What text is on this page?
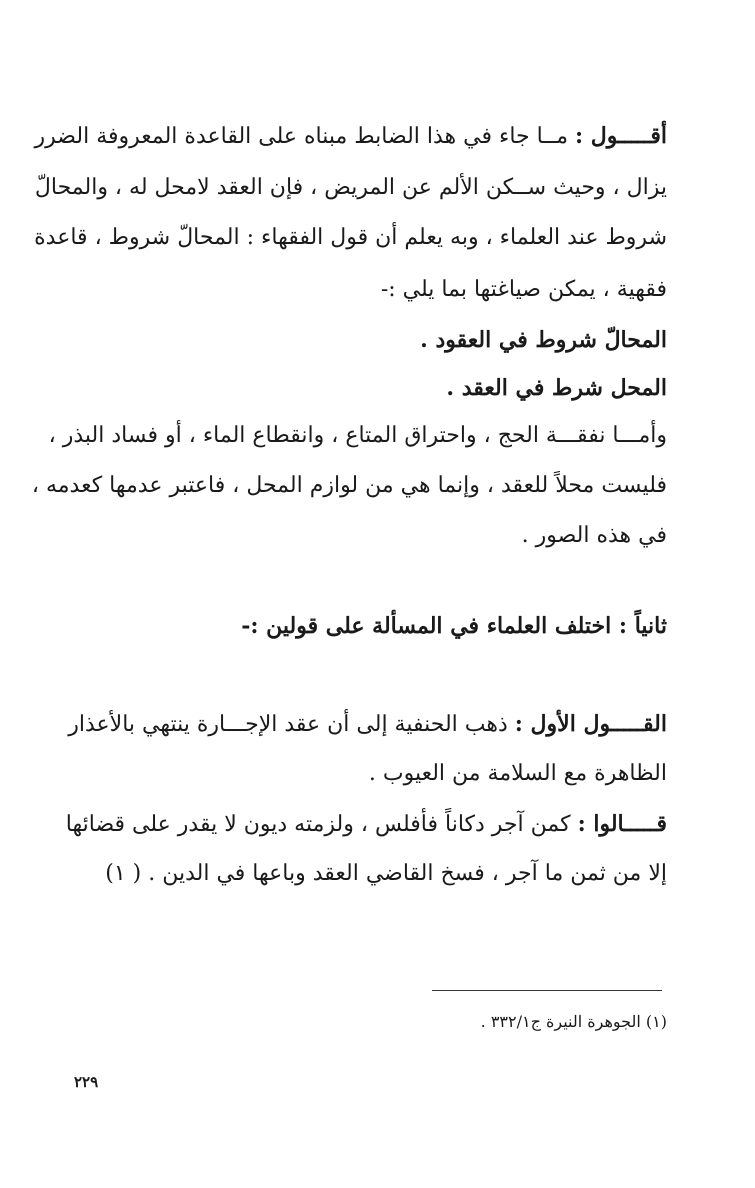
أقـــــول : مــا جاء في هذا الضابط مبناه على القاعدة المعروفة الضرر
يزال ، وحيث ســكن الألم عن المريض ، فإن العقد لامحل له ، والمحالّ
شروط عند العلماء ، وبه يعلم أن قول الفقهاء : المحالّ شروط ، قاعدة
فقهية ، يمكن صياغتها بما يلي :-
المحالّ شروط في العقود .
المحل شرط في العقد .
وأمـــا نفقـــة الحج ، واحتراق المتاع ، وانقطاع الماء ، أو فساد البذر ،
فليست محلاً للعقد ، وإنما هي من لوازم المحل ، فاعتبر عدمها كعدمه ،
في هذه الصور .
ثانياً : اختلف العلماء في المسألة على قولين :-
القـــــول الأول : ذهب الحنفية إلى أن عقد الإجـــارة ينتهي بالأعذار
الظاهرة مع السلامة من العيوب .
قـــــالوا : كمن آجر دكاناً فأفلس ، ولزمته ديون لا يقدر على قضائها
إلا من ثمن ما آجر ، فسخ القاضي العقد وباعها في الدين . ( ١)
(١) الجوهرة النيرة ج٣٣٢/١ .
٢٢٩
